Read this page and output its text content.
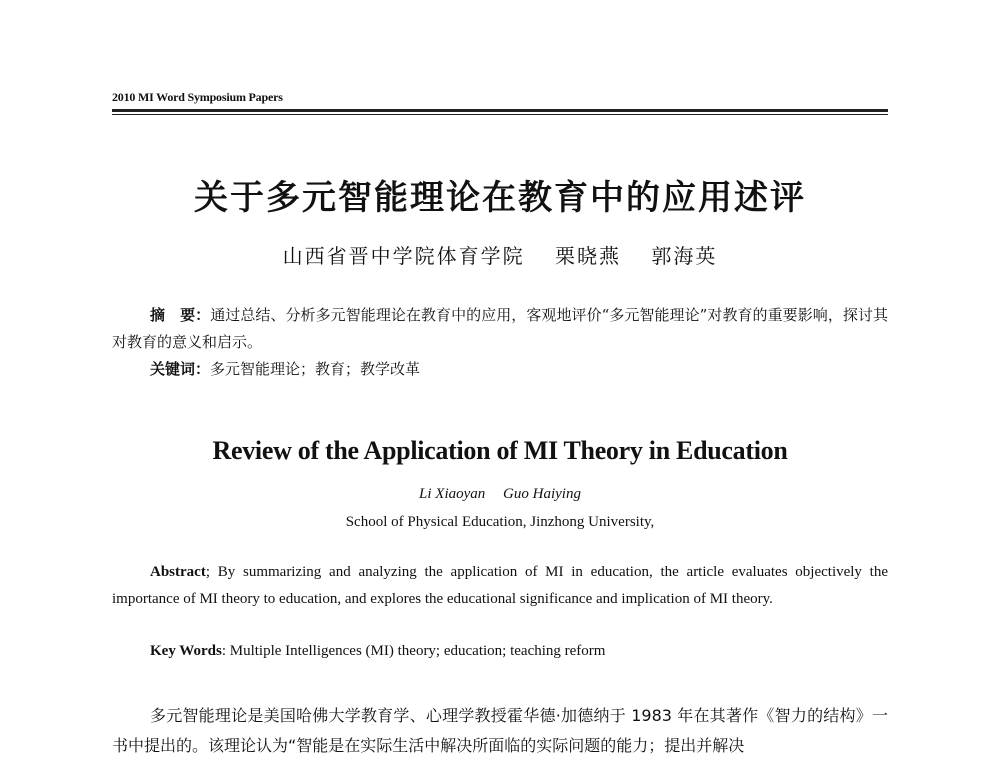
2010 MI Word Symposium Papers
关于多元智能理论在教育中的应用述评
山西省晋中学院体育学院 栗晓燕 郭海英
摘　要：通过总结、分析多元智能理论在教育中的应用，客观地评价“多元智能理论”对教育的重要影响，探讨其对教育的意义和启示。
关键词：多元智能理论；教育；教学改革
Review of the Application of MI Theory in Education
Li Xiaoyan Guo Haiying
School of Physical Education, Jinzhong University,
Abstract; By summarizing and analyzing the application of MI in education, the article evaluates objectively the importance of MI theory to education, and explores the educational significance and implication of MI theory.
Key Words: Multiple Intelligences (MI) theory; education; teaching reform
多元智能理论是美国哈佛大学教育学、心理学教授霍华德·加德纳于 1983 年在其著作《智力的结构》一书中提出的。该理论认为“智能是在实际生活中解决所面临的实际问题的能力；提出并解决
